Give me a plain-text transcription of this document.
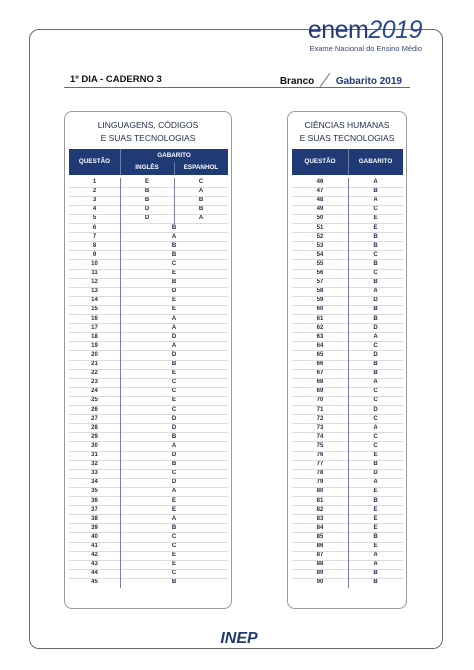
enem2019
Exame Nacional do Ensino Médio
1º DIA - CADERNO 3	Branco Gabarito 2019
LINGUAGENS, CÓDIGOS
E SUAS TECNOLOGIAS
QUESTÃO
GABARITO
INGLÊS	ESPANHOL
1	E	C
2	B	A
3	B	B
4	D	B
5	D	A
6	B
7	A
8	B
9	B
10	C
11	E
12	B
13	D
14	E
15	E
16	A
17	A
18	D
19	A
20	D
21	B
22	E
23	C
24	C
25	E
26	C
27	D
28	D
29	B
30	A
31	D
32	B
33	C
34	D
35	A
36	E
37	E
38	A
39	B
40	C
41	C
42	E
43	E
44	C
45	B
CIÊNCIAS HUMANAS
E SUAS TECNOLOGIAS
QUESTÃO	GABARITO
46	A
47	B
48	A
49	C
50	E
51	E
52	B
53	B
54	C
55	B
56	C
57	B
58	A
59	D
60	B
61	B
62	D
63	A
64	C
65	D
66	B
67	B
68	A
69	C
70	C
71	D
72	C
73	A
74	C
75	C
76	E
77	B
78	D
79	A
80	E
81	B
82	E
83	E
84	E
85	B
86	E
87	A
88	A
89	B
90	B
INEP
